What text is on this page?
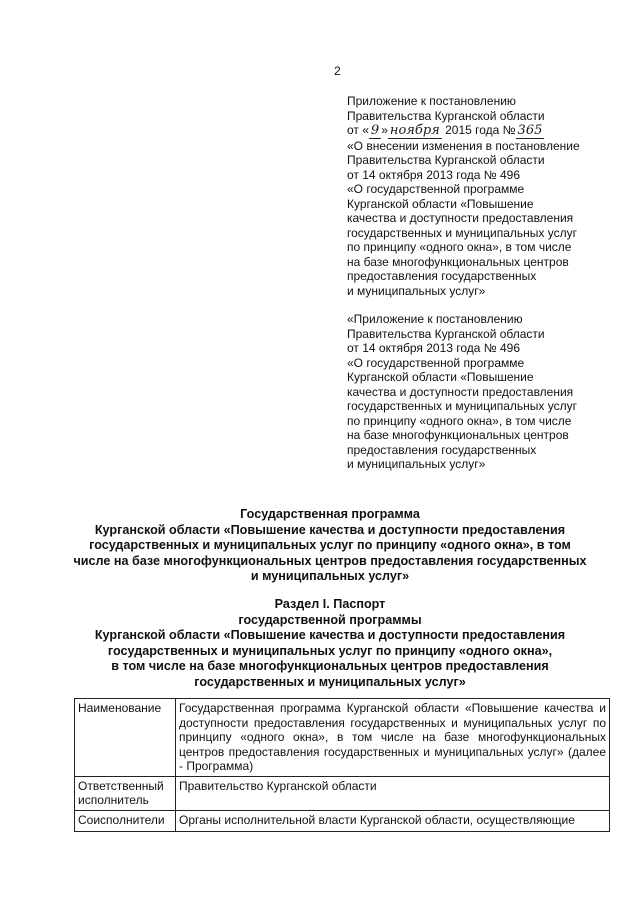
2
Приложение к постановлению
Правительства Курганской области
от « 9 » ноября 2015 года № 365
«О внесении изменения в постановление
Правительства Курганской области
от 14 октября 2013 года № 496
«О государственной программе
Курганской области «Повышение
качества и доступности предоставления
государственных и муниципальных услуг
по принципу «одного окна», в том числе
на базе многофункциональных центров
предоставления государственных
и муниципальных услуг»
«Приложение к постановлению
Правительства Курганской области
от 14 октября 2013 года № 496
«О государственной программе
Курганской области «Повышение
качества и доступности предоставления
государственных и муниципальных услуг
по принципу «одного окна», в том числе
на базе многофункциональных центров
предоставления государственных
и муниципальных услуг»
Государственная программа
Курганской области «Повышение качества и доступности предоставления
государственных и муниципальных услуг по принципу «одного окна», в том
числе на базе многофункциональных центров предоставления государственных
и муниципальных услуг»
Раздел I. Паспорт
государственной программы
Курганской области «Повышение качества и доступности предоставления
государственных и муниципальных услуг по принципу «одного окна»,
в том числе на базе многофункциональных центров предоставления
государственных и муниципальных услуг»
Наименование	Государственная программа Курганской области «Повышение качества и доступности предоставления государственных и муниципальных услуг по принципу «одного окна», в том числе на базе многофункциональных центров предоставления государственных и муниципальных услуг» (далее - Программа)
Ответственный исполнитель	Правительство Курганской области
Соисполнители	Органы исполнительной власти Курганской области, осуществляющие
